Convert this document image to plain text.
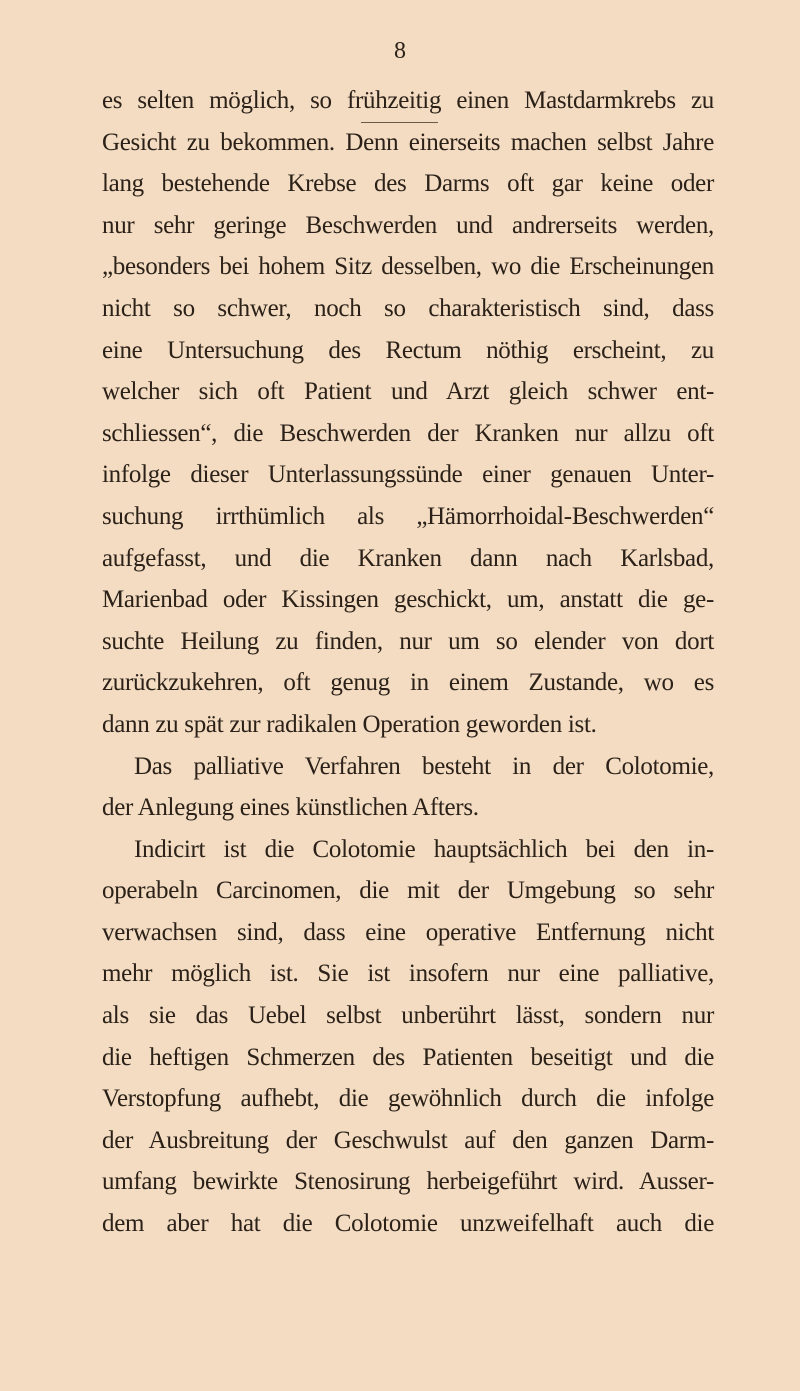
8
es selten möglich, so frühzeitig einen Mastdarmkrebs zu
Gesicht zu bekommen. Denn einerseits machen selbst Jahre
lang bestehende Krebse des Darms oft gar keine oder
nur sehr geringe Beschwerden und andrerseits werden,
„besonders bei hohem Sitz desselben, wo die Erscheinungen
nicht so schwer, noch so charakteristisch sind, dass
eine Untersuchung des Rectum nöthig erscheint, zu
welcher sich oft Patient und Arzt gleich schwer ent-
schliessen“, die Beschwerden der Kranken nur allzu oft
infolge dieser Unterlassungssünde einer genauen Unter-
suchung irrthümlich als „Hämorrhoidal-Beschwerden“
aufgefasst, und die Kranken dann nach Karlsbad,
Marienbad oder Kissingen geschickt, um, anstatt die ge-
suchte Heilung zu finden, nur um so elender von dort
zurückzukehren, oft genug in einem Zustande, wo es
dann zu spät zur radikalen Operation geworden ist.
Das palliative Verfahren besteht in der Colotomie,
der Anlegung eines künstlichen Afters.
Indicirt ist die Colotomie hauptsächlich bei den in-
operabeln Carcinomen, die mit der Umgebung so sehr
verwachsen sind, dass eine operative Entfernung nicht
mehr möglich ist. Sie ist insofern nur eine palliative,
als sie das Uebel selbst unberührt lässt, sondern nur
die heftigen Schmerzen des Patienten beseitigt und die
Verstopfung aufhebt, die gewöhnlich durch die infolge
der Ausbreitung der Geschwulst auf den ganzen Darm-
umfang bewirkte Stenosirung herbeigeführt wird. Ausser-
dem aber hat die Colotomie unzweifelhaft auch die
